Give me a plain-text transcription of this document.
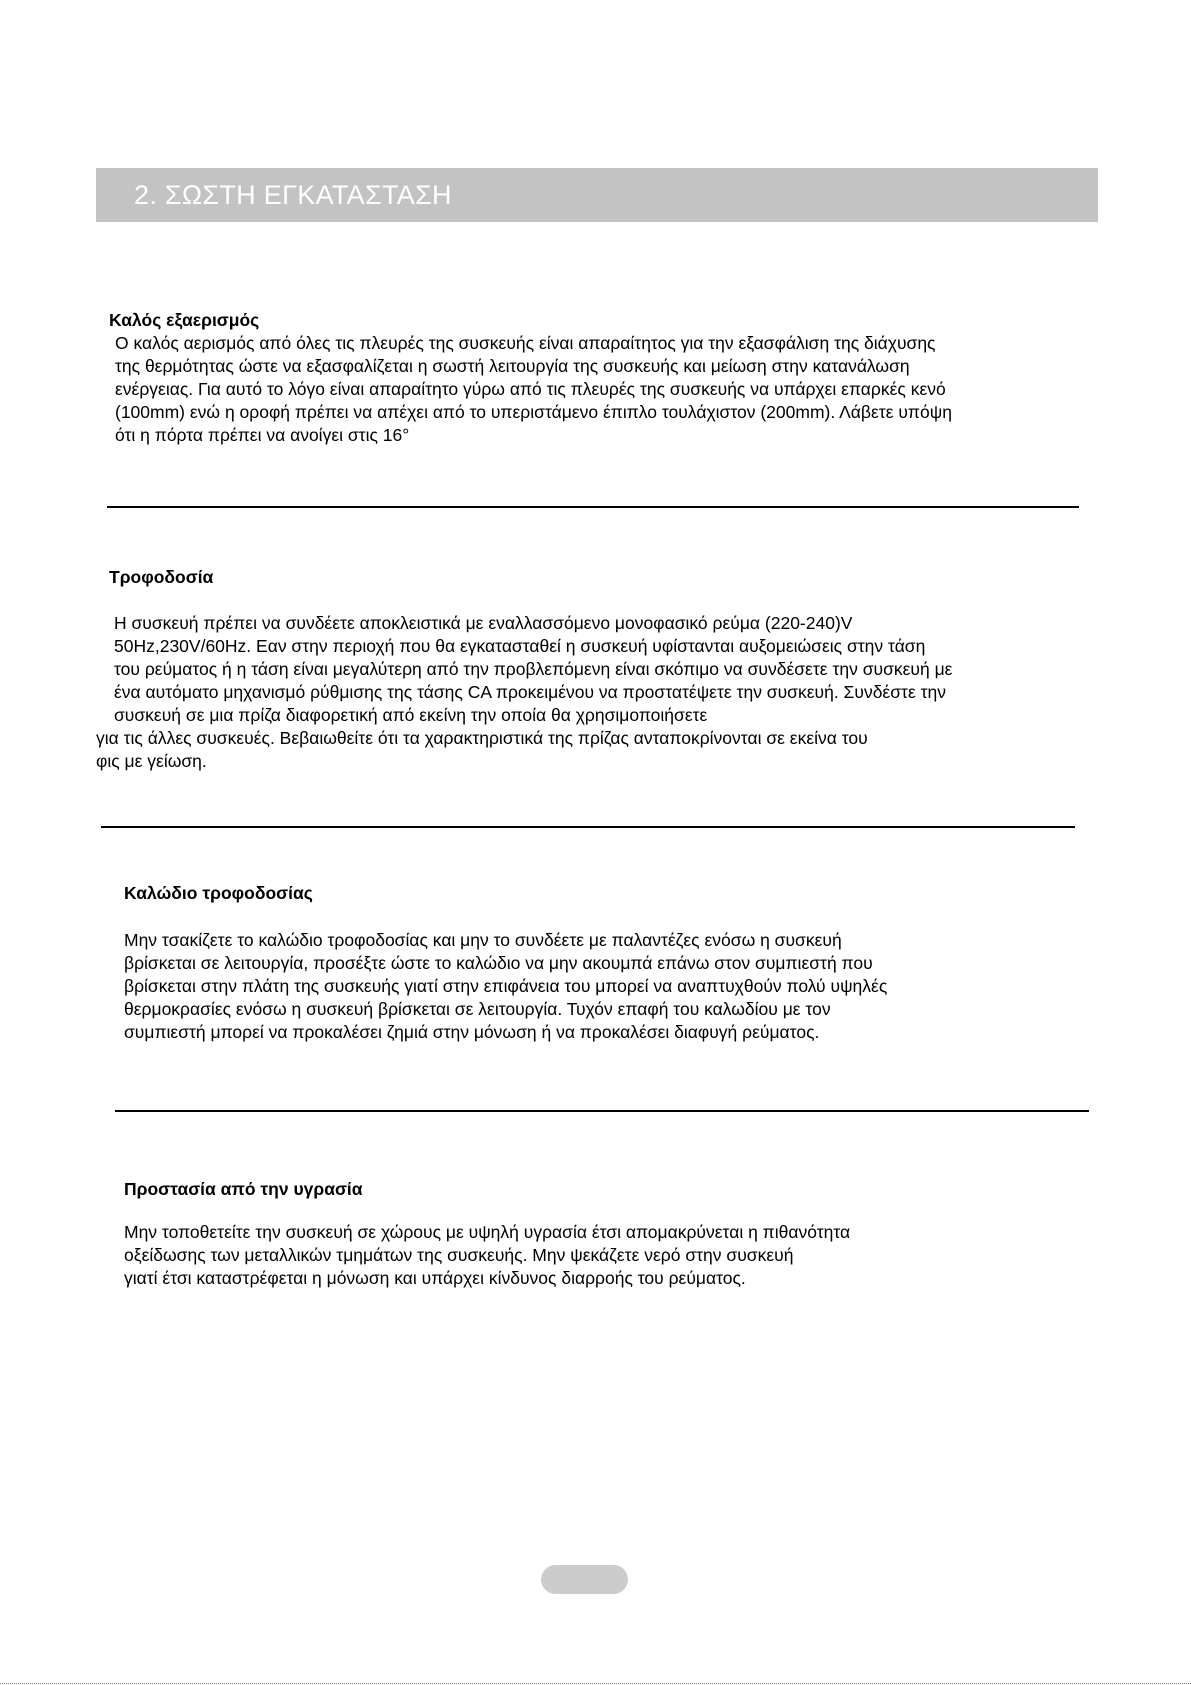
2. ΣΩΣΤΗ ΕΓΚΑΤΑΣΤΑΣΗ
Καλός εξαερισμός
Ο καλός αερισμός από όλες τις πλευρές της συσκευής είναι απαραίτητος για την εξασφάλιση της διάχυσης
της θερμότητας ώστε να εξασφαλίζεται η σωστή λειτουργία της συσκευής και μείωση στην κατανάλωση
ενέργειας. Για αυτό το λόγο είναι απαραίτητο γύρω από τις πλευρές της συσκευής να υπάρχει επαρκές κενό
(100mm) ενώ η οροφή πρέπει να απέχει από το υπεριστάμενο έπιπλο τουλάχιστον (200mm). Λάβετε υπόψη
ότι η πόρτα πρέπει να ανοίγει στις 16°
Τροφοδοσία
Η συσκευή πρέπει να συνδέετε αποκλειστικά με εναλλασσόμενο μονοφασικό ρεύμα (220-240)V
50Hz,230V/60Hz. Εαν στην περιοχή που θα εγκατασταθεί η συσκευή υφίστανται αυξομειώσεις στην τάση
του ρεύματος ή η τάση είναι μεγαλύτερη από την προβλεπόμενη είναι σκόπιμο να συνδέσετε την συσκευή με
ένα αυτόματο μηχανισμό ρύθμισης της τάσης CA προκειμένου να προστατέψετε την συσκευή. Συνδέστε την
συσκευή σε μια πρίζα διαφορετική από εκείνη την οποία θα χρησιμοποιήσετε
για τις άλλες συσκευές. Βεβαιωθείτε ότι τα χαρακτηριστικά της πρίζας ανταποκρίνονται σε εκείνα του
φις με γείωση.
Καλώδιο τροφοδοσίας
Μην τσακίζετε το καλώδιο τροφοδοσίας και μην το συνδέετε με παλαντέζες ενόσω η συσκευή
βρίσκεται σε λειτουργία, προσέξτε ώστε το καλώδιο να μην ακουμπά επάνω στον συμπιεστή που
βρίσκεται στην πλάτη της συσκευής γιατί στην επιφάνεια του μπορεί να αναπτυχθούν πολύ υψηλές
θερμοκρασίες ενόσω η συσκευή βρίσκεται σε λειτουργία. Τυχόν επαφή του καλωδίου με τον
συμπιεστή μπορεί να προκαλέσει ζημιά στην μόνωση ή να προκαλέσει διαφυγή ρεύματος.
Προστασία από την υγρασία
Μην τοποθετείτε την συσκευή σε χώρους με υψηλή υγρασία έτσι απομακρύνεται η πιθανότητα
οξείδωσης των μεταλλικών τμημάτων της συσκευής. Μην ψεκάζετε νερό στην συσκευή
γιατί έτσι καταστρέφεται η μόνωση και υπάρχει κίνδυνος διαρροής του ρεύματος.
